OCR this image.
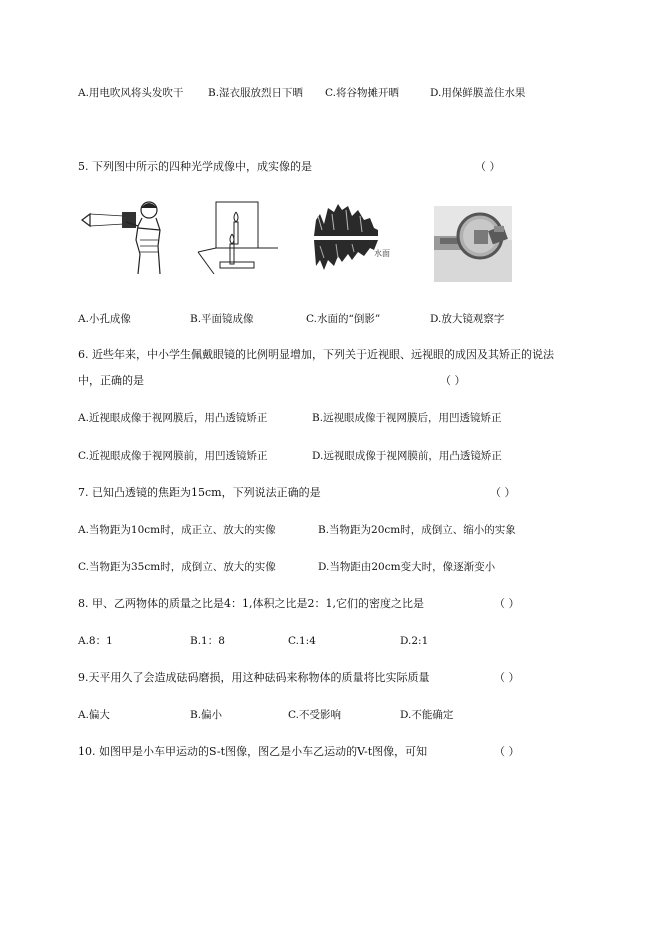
A.用电吹风将头发吹干 B.湿衣服放烈日下晒 C.将谷物摊开晒	D.用保鲜膜盖住水果
5. 下列图中所示的四种光学成像中，成实像的是	（ ）
水面
A.小孔成像	B.平面镜成像	C.水面的“倒影”	D.放大镜观察字
6. 近些年来，中小学生佩戴眼镜的比例明显增加，下列关于近视眼、远视眼的成因及其矫正的说法
中，正确的是	（ ）
A.近视眼成像于视网膜后，用凸透镜矫正	B.远视眼成像于视网膜后，用凹透镜矫正
C.近视眼成像于视网膜前，用凹透镜矫正	D.远视眼成像于视网膜前，用凸透镜矫正
7. 已知凸透镜的焦距为15cm，下列说法正确的是	（ ）
A.当物距为10cm时，成正立、放大的实像	B.当物距为20cm时，成倒立、缩小的实象
C.当物距为35cm时，成倒立、放大的实像	D.当物距由20cm变大时，像逐渐变小
8. 甲、乙两物体的质量之比是4：1,体积之比是2：1,它们的密度之比是	（ ）
A.8：1	B.1：8	C.1:4	D.2:1
9.天平用久了会造成砝码磨损，用这种砝码来称物体的质量将比实际质量	（ ）
A.偏大	B.偏小	C.不受影响	D.不能确定
10. 如图甲是小车甲运动的S-t图像，图乙是小车乙运动的V-t图像，可知	（ ）
